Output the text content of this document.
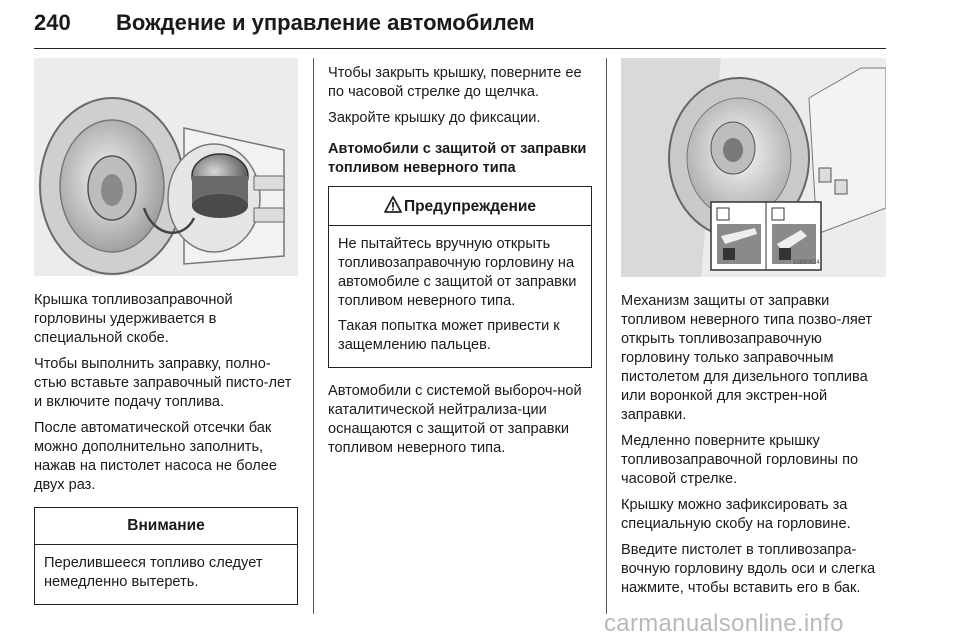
240 Вождение и управление автомобилем

Крышка топливозаправочной горловины удерживается в специальной скобе.

Чтобы выполнить заправку, полно-стью вставьте заправочный писто-лет и включите подачу топлива.

После автоматической отсечки бак можно дополнительно заполнить, нажав на пистолет насоса не более двух раз.

Внимание

Перелившееся топливо следует немедленно вытереть.

Чтобы закрыть крышку, поверните ее по часовой стрелке до щелчка.

Закройте крышку до фиксации.

Автомобили с защитой от заправки топливом неверного типа

Предупреждение

Не пытайтесь вручную открыть топливозаправочную горловину на автомобиле с защитой от заправки топливом неверного типа.

Такая попытка может привести к защемлению пальцев.

Автомобили с системой выбороч-ной каталитической нейтрализа-ции оснащаются с защитой от заправки топливом неверного типа.

15890624

Механизм защиты от заправки топливом неверного типа позво-ляет открыть топливозаправочную горловину только заправочным пистолетом для дизельного топлива или воронкой для экстрен-ной заправки.

Медленно поверните крышку топливозаправочной горловины по часовой стрелке.

Крышку можно зафиксировать за специальную скобу на горловине.

Введите пистолет в топливозапра-вочную горловину вдоль оси и слегка нажмите, чтобы вставить его в бак.

carmanualsonline.info
